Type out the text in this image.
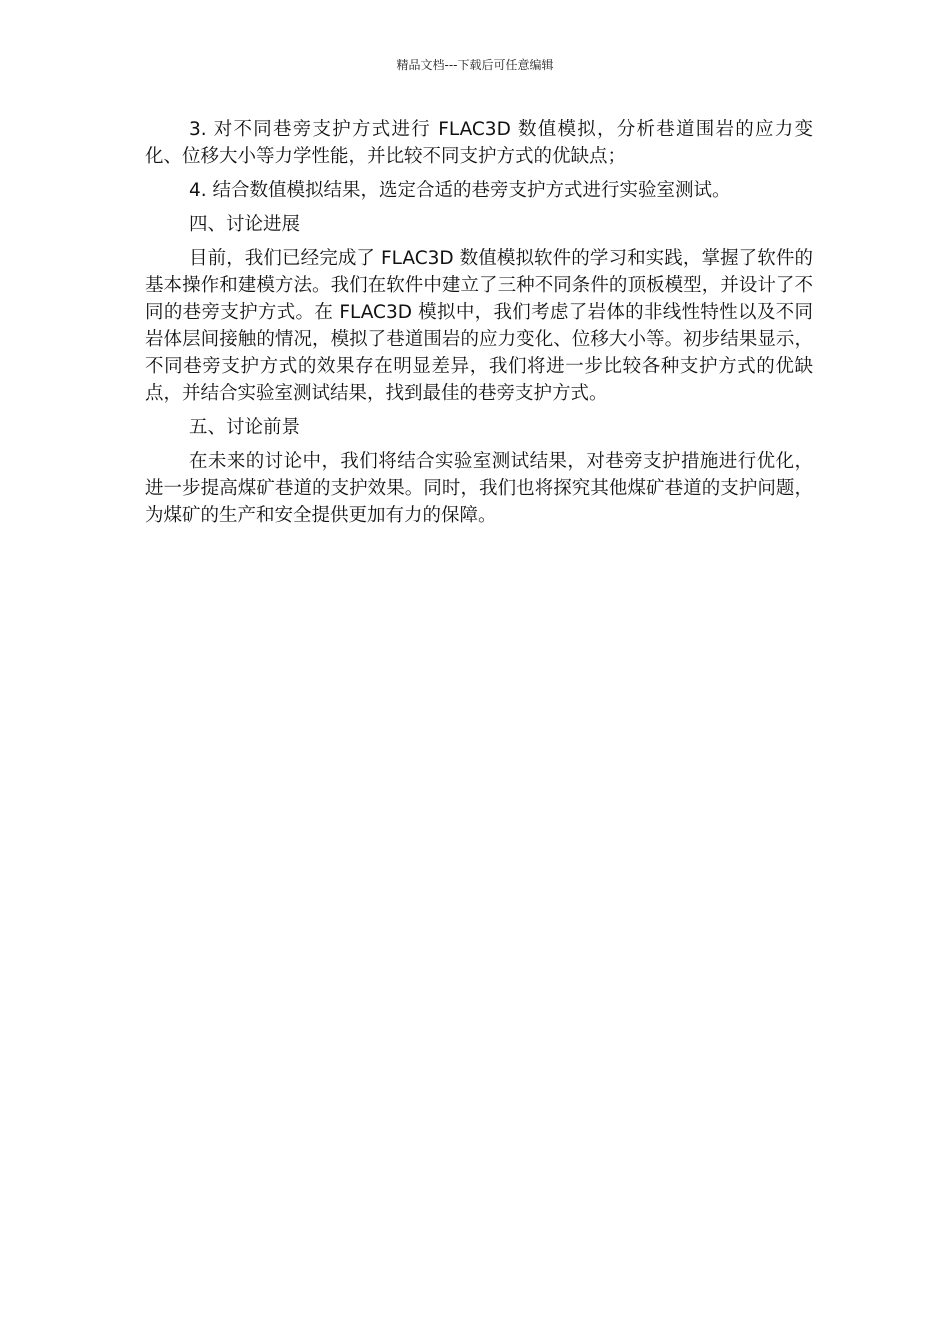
精品文档---下载后可任意编辑

3. 对不同巷旁支护方式进行 FLAC3D 数值模拟，分析巷道围岩的应力变化、位移大小等力学性能，并比较不同支护方式的优缺点；

4. 结合数值模拟结果，选定合适的巷旁支护方式进行实验室测试。

四、讨论进展

目前，我们已经完成了 FLAC3D 数值模拟软件的学习和实践，掌握了软件的基本操作和建模方法。我们在软件中建立了三种不同条件的顶板模型，并设计了不同的巷旁支护方式。在 FLAC3D 模拟中，我们考虑了岩体的非线性特性以及不同岩体层间接触的情况，模拟了巷道围岩的应力变化、位移大小等。初步结果显示，不同巷旁支护方式的效果存在明显差异，我们将进一步比较各种支护方式的优缺点，并结合实验室测试结果，找到最佳的巷旁支护方式。

五、讨论前景

在未来的讨论中，我们将结合实验室测试结果，对巷旁支护措施进行优化，进一步提高煤矿巷道的支护效果。同时，我们也将探究其他煤矿巷道的支护问题，为煤矿的生产和安全提供更加有力的保障。
